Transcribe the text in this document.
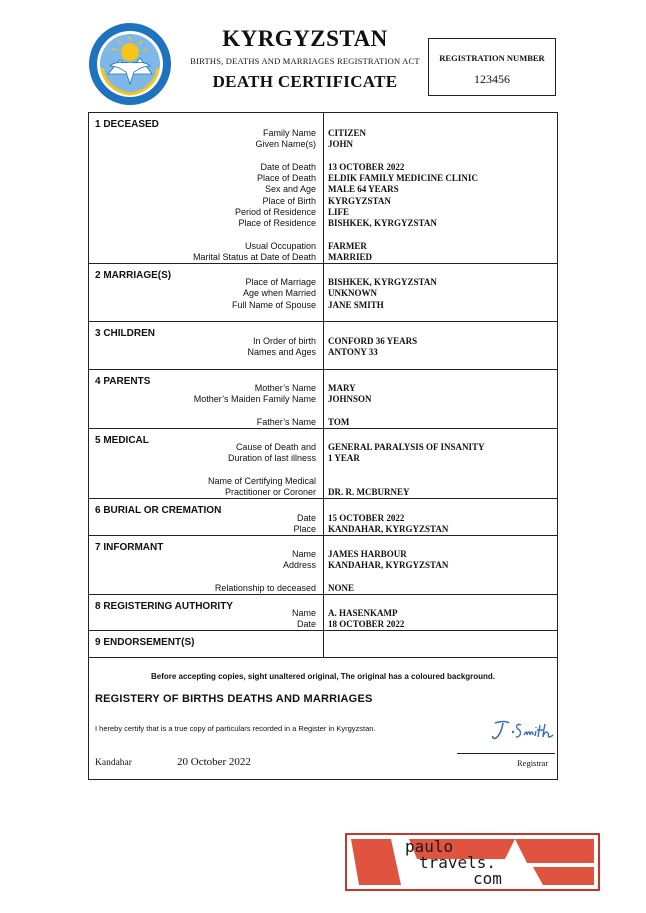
KYRGYZSTAN
BIRTHS, DEATHS AND MARRIAGES REGISTRATION ACT
DEATH CERTIFICATE
REGISTRATION NUMBER
123456
1 DECEASED
Family Name CITIZEN
Given Name(s) JOHN
Date of Death 13 OCTOBER 2022
Place of Death ELDIK FAMILY MEDICINE CLINIC
Sex and Age MALE 64 YEARS
Place of Birth KYRGYZSTAN
Period of Residence LIFE
Place of Residence BISHKEK, KYRGYZSTAN
Usual Occupation FARMER
Marital Status at Date of Death MARRIED
2 MARRIAGE(S)
Place of Marriage BISHKEK, KYRGYZSTAN
Age when Married UNKNOWN
Full Name of Spouse JANE SMITH
3 CHILDREN
In Order of birth CONFORD 36 YEARS
Names and Ages ANTONY 33
4 PARENTS
Mother’s Name MARY
Mother’s Maiden Family Name JOHNSON
Father’s Name TOM
5 MEDICAL
Cause of Death and GENERAL PARALYSIS OF INSANITY
Duration of last illness 1 YEAR
Name of Certifying Medical
Practitioner or Coroner DR. R. MCBURNEY
6 BURIAL OR CREMATION
Date 15 OCTOBER 2022
Place KANDAHAR, KYRGYZSTAN
7 INFORMANT
Name JAMES HARBOUR
Address KANDAHAR, KYRGYZSTAN
Relationship to deceased NONE
8 REGISTERING AUTHORITY
Name A. HASENKAMP
Date 18 OCTOBER 2022
9 ENDORSEMENT(S)
Before accepting copies, sight unaltered original, The original has a coloured background.
REGISTERY OF BIRTHS DEATHS AND MARRIAGES
I hereby certify that is a true copy of particulars recorded in a Register in Kyrgyzstan.
Registrar
Kandahar	20 October 2022
paulo
travels.
com
